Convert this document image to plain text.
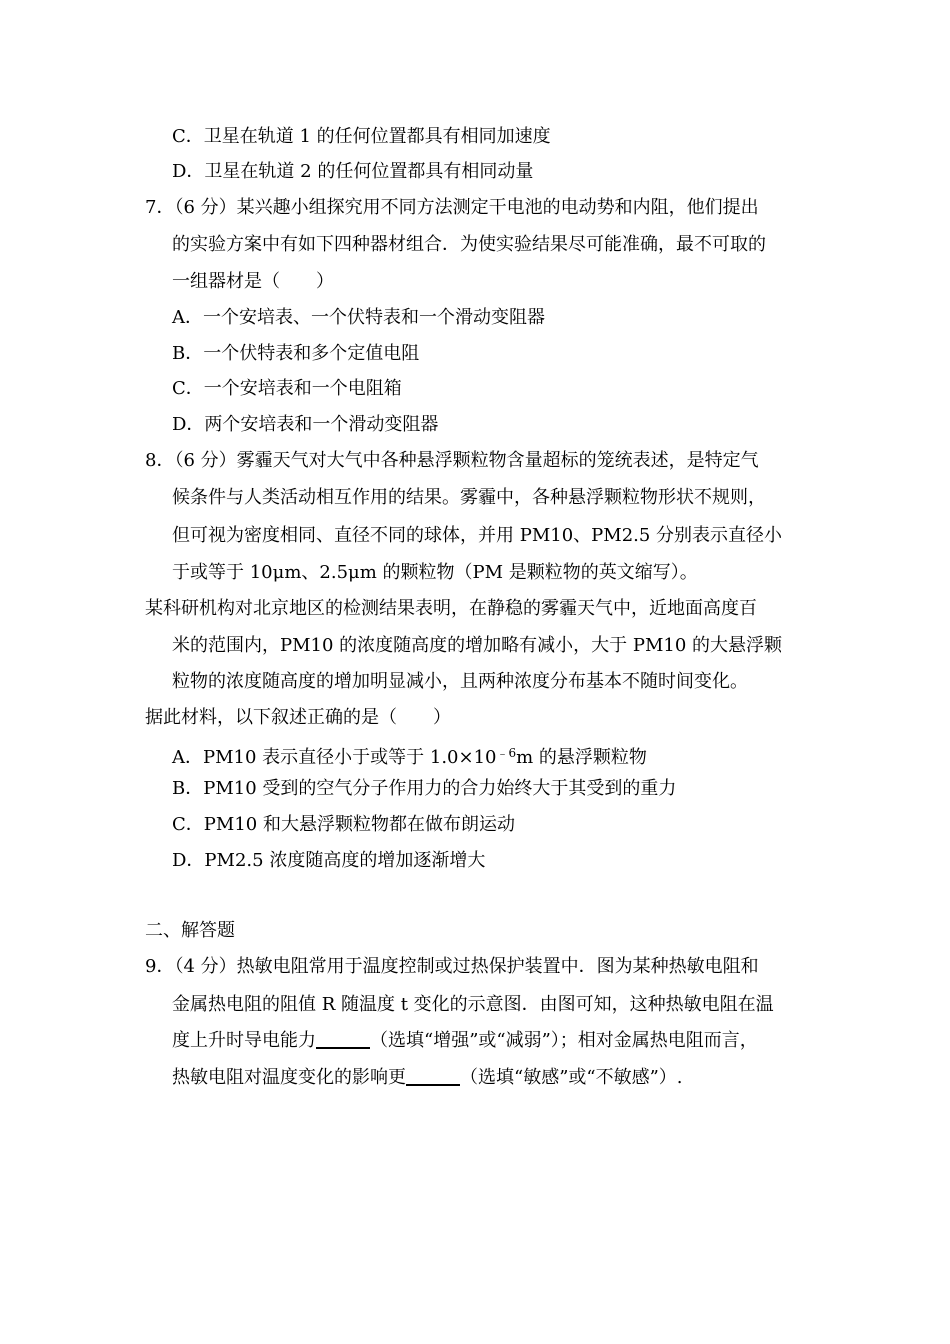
C．卫星在轨道 1 的任何位置都具有相同加速度
D．卫星在轨道 2 的任何位置都具有相同动量
7．（6 分）某兴趣小组探究用不同方法测定干电池的电动势和内阻，他们提出
的实验方案中有如下四种器材组合．为使实验结果尽可能准确，最不可取的
一组器材是（　　）
A．一个安培表、一个伏特表和一个滑动变阻器
B．一个伏特表和多个定值电阻
C．一个安培表和一个电阻箱
D．两个安培表和一个滑动变阻器
8．（6 分）雾霾天气对大气中各种悬浮颗粒物含量超标的笼统表述，是特定气
候条件与人类活动相互作用的结果。雾霾中，各种悬浮颗粒物形状不规则，
但可视为密度相同、直径不同的球体，并用 PM10、PM2.5 分别表示直径小
于或等于 10μm、2.5μm 的颗粒物（PM 是颗粒物的英文缩写）。
某科研机构对北京地区的检测结果表明，在静稳的雾霾天气中，近地面高度百
米的范围内，PM10 的浓度随高度的增加略有减小，大于 PM10 的大悬浮颗
粒物的浓度随高度的增加明显减小，且两种浓度分布基本不随时间变化。
据此材料，以下叙述正确的是（　　）
A．PM10 表示直径小于或等于 $1.0\times 10^{﹣6}m$ 的悬浮颗粒物
B．PM10 受到的空气分子作用力的合力始终大于其受到的重力
C．PM10 和大悬浮颗粒物都在做布朗运动
D．PM2.5 浓度随高度的增加逐渐增大
二、解答题
9．（4 分）热敏电阻常用于温度控制或过热保护装置中．图为某种热敏电阻和
金属热电阻的阻值 R 随温度 t 变化的示意图．由图可知，这种热敏电阻在温
度上升时导电能力	（选填“增强”或“减弱”）；相对金属热电阻而言，
热敏电阻对温度变化的影响更	（选填“敏感”或“不敏感”）.
